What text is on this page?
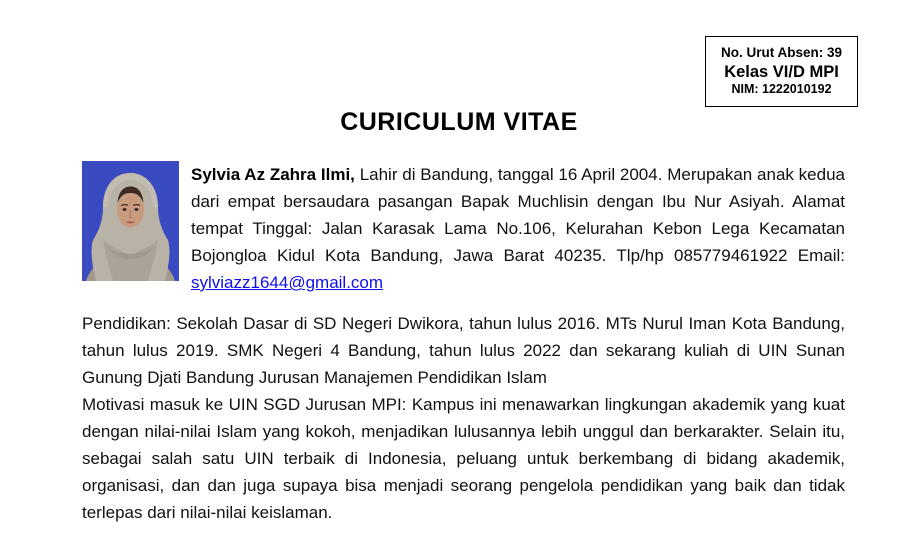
No. Urut Absen: 39
Kelas VI/D MPI
NIM: 1222010192
CURICULUM VITAE

Sylvia Az Zahra Ilmi, Lahir di Bandung, tanggal 16 April 2004. Merupakan anak kedua dari empat bersaudara pasangan Bapak Muchlisin dengan Ibu Nur Asiyah. Alamat tempat Tinggal: Jalan Karasak Lama No.106, Kelurahan Kebon Lega Kecamatan Bojongloa Kidul Kota Bandung, Jawa Barat 40235. Tlp/hp 085779461922 Email: sylviazz1644@gmail.com

Pendidikan: Sekolah Dasar di SD Negeri Dwikora, tahun lulus 2016. MTs Nurul Iman Kota Bandung, tahun lulus 2019. SMK Negeri 4 Bandung, tahun lulus 2022 dan sekarang kuliah di UIN Sunan Gunung Djati Bandung Jurusan Manajemen Pendidikan Islam

Motivasi masuk ke UIN SGD Jurusan MPI: Kampus ini menawarkan lingkungan akademik yang kuat dengan nilai-nilai Islam yang kokoh, menjadikan lulusannya lebih unggul dan berkarakter. Selain itu, sebagai salah satu UIN terbaik di Indonesia, peluang untuk berkembang di bidang akademik, organisasi, dan dan juga supaya bisa menjadi seorang pengelola pendidikan yang baik dan tidak terlepas dari nilai-nilai keislaman.
